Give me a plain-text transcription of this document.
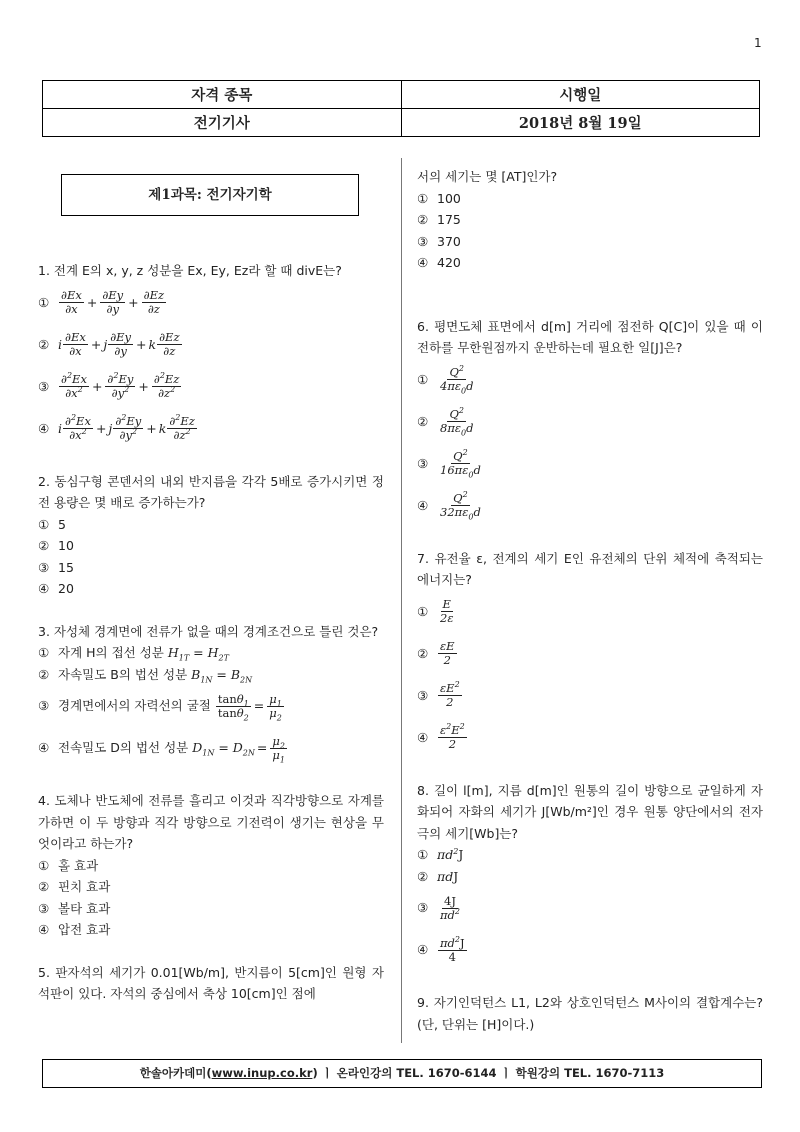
1
자격 종목	시행일
전기기사	2018년 8월 19일
제1과목: 전기자기학
1. 전계 E의 x, y, z 성분을 Ex, Ey, Ez라 할 때 divE는?
① $\frac{\partial Ex}{\partial x} + \frac{\partial Ey}{\partial y} + \frac{\partial Ez}{\partial z}$
② i $\frac{\partial Ex}{\partial x} + j \frac{\partial Ey}{\partial y} + k \frac{\partial Ez}{\partial z}$
③ $\frac{\partial^2Ex}{\partial x^2} + \frac{\partial^2Ey}{\partial y^2} + \frac{\partial^2Ez}{\partial z^2}$
④ i $\frac{\partial^2Ex}{\partial x^2} + j \frac{\partial^2Ey}{\partial y^2} + k \frac{\partial^2Ez}{\partial z^2}$
2. 동심구형 콘덴서의 내외 반지름을 각각 5배로 증가시키면 정전 용량은 몇 배로 증가하는가?
① 5
② 10
③ 15
④ 20
3. 자성체 경계면에 전류가 없을 때의 경계조건으로 틀린 것은?
① 자계 H의 접선 성분
$H_{1T} = H_{2T}$
② 자속밀도 B의 법선 성분
$B_{1N} = B_{2N}$
③ 경계면에서의 자력선의 굴절
$\frac{\tan\theta_1}{\tan\theta_2} = \frac{\mu_1}{\mu_2}$
④ 전속밀도 D의 법선 성분
$D_{1N} = D_{2N} = \frac{\mu_2}{\mu_1}$
4. 도체나 반도체에 전류를 흘리고 이것과 직각방향으로 자계를 가하면 이 두 방향과 직각 방향으로 기전력이 생기는 현상을 무엇이라고 하는가?
① 홀 효과
② 핀치 효과
③ 볼타 효과
④ 압전 효과
5. 판자석의 세기가 0.01[Wb/m], 반지름이 5[cm]인 원형 자석판이 있다. 자석의 중심에서 축상 10[cm]인 점에
서의 세기는 몇 [AT]인가?
① 100
② 175
③ 370
④ 420
6. 평면도체 표면에서 d[m] 거리에 점전하 Q[C]이 있을 때 이 전하를 무한원점까지 운반하는데 필요한 일[J]은?
① $\frac{Q^2}{4\pi\varepsilon_0d}$
② $\frac{Q^2}{8\pi\varepsilon_0d}$
③ $\frac{Q^2}{16\pi\varepsilon_0d}$
④ $\frac{Q^2}{32\pi\varepsilon_0d}$
7. 유전율 ε, 전계의 세기 E인 유전체의 단위 체적에 축적되는 에너지는?
① $\frac{E}{2\varepsilon}$
② $\frac{\varepsilon E}{2}$
③ $\frac{\varepsilon E^2}{2}$
④ $\frac{\varepsilon^2E^2}{2}$
8. 길이 l[m], 지름 d[m]인 원통의 길이 방향으로 균일하게 자화되어 자화의 세기가 J[Wb/m²]인 경우 원통 양단에서의 전자극의 세기[Wb]는?
① $\pi d^2J$
② πdJ
③ $\frac{4J}{\pi d^2}$
④ $\frac{\pi d^2J}{4}$
9. 자기인덕턴스 L1, L2와 상호인덕턴스 M사이의 결합계수는? (단, 단위는 [H]이다.)
한솔아카데미(www.inup.co.kr) ㅣ 온라인강의 TEL. 1670-6144 ㅣ 학원강의 TEL. 1670-7113
